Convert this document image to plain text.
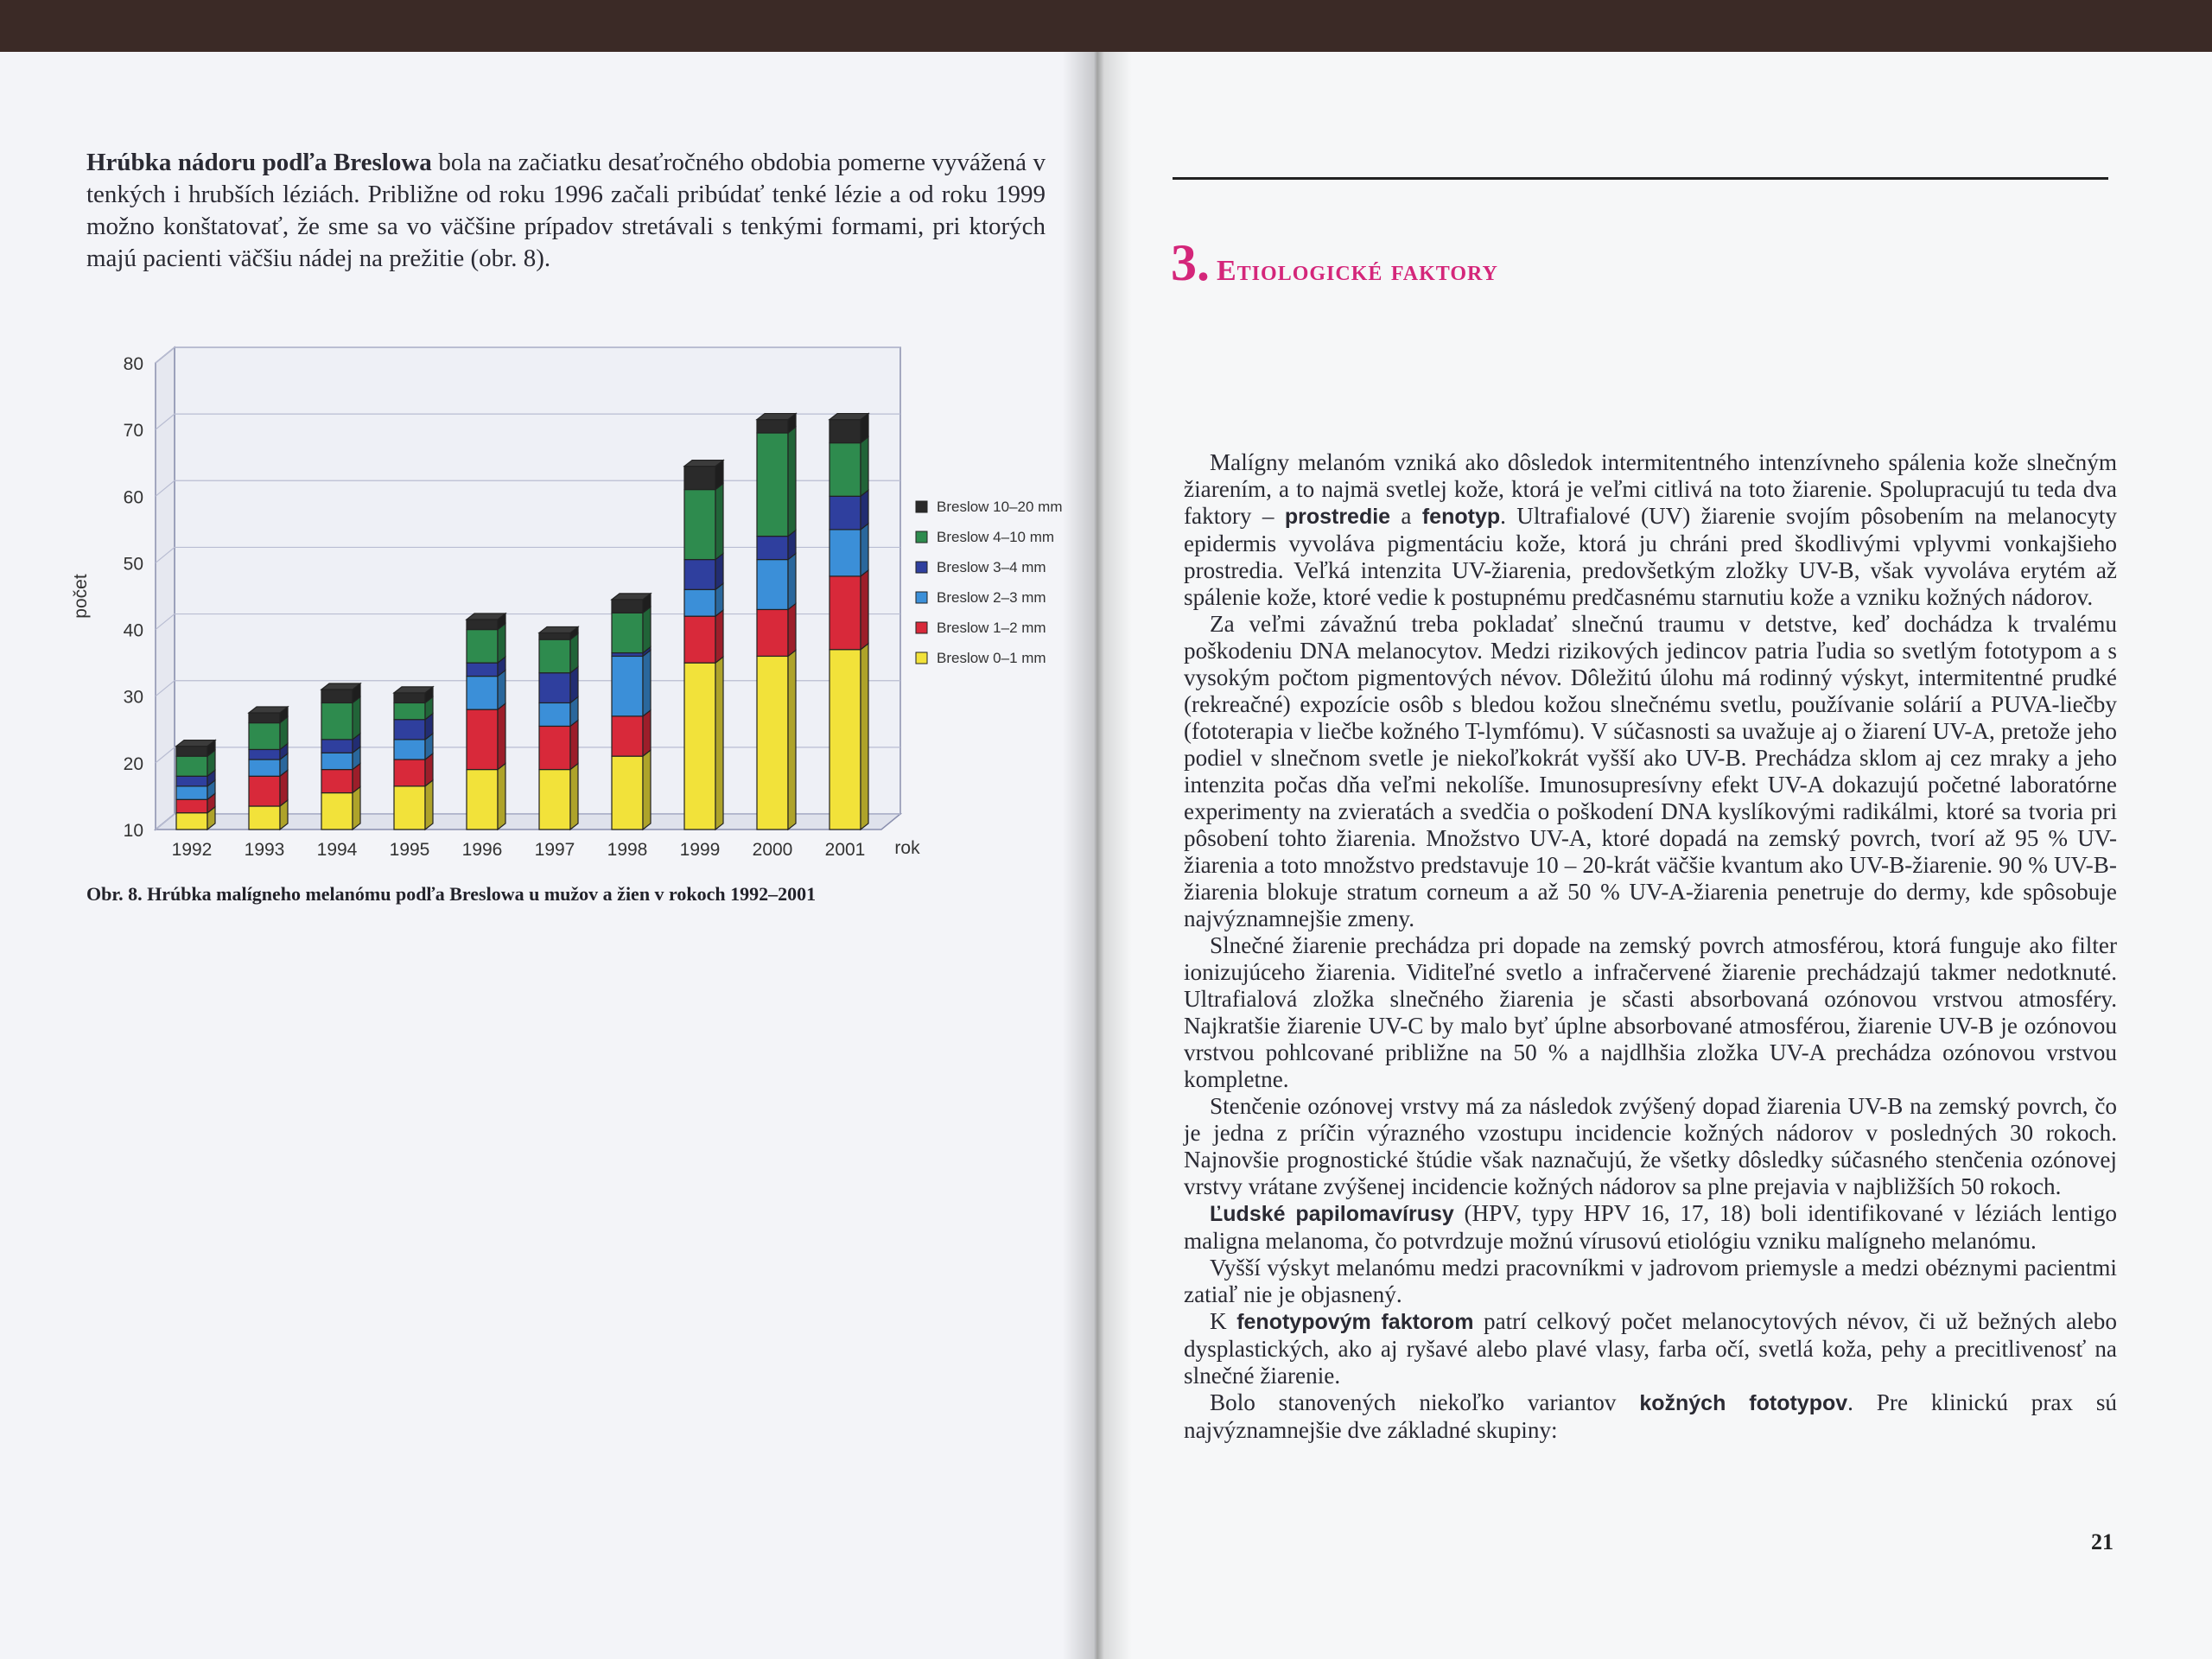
Hrúbka nádoru podľa Breslowa bola na začiatku desaťročného obdobia pomerne vyvážená v tenkých i hrubších léziách. Približne od roku 1996 začali pribúdať tenké lézie a od roku 1999 možno konštatovať, že sme sa vo väčšine prípadov stretávali s tenkými formami, pri ktorých majú pacienti väčšiu nádej na prežitie (obr. 8).
10
20
30
40
50
60
70
80
počet
1992 1993 1994 1995 1996 1997 1998 1999 2000 2001 rok
Breslow 10–20 mm
Breslow 4–10 mm
Breslow 3–4 mm
Breslow 2–3 mm
Breslow 1–2 mm
Breslow 0–1 mm
Obr. 8. Hrúbka malígneho melanómu podľa Breslowa u mužov a žien v rokoch 1992–2001
3. Etiologické faktory

Malígny melanóm vzniká ako dôsledok intermitentného intenzívneho spálenia kože slnečným žiarením, a to najmä svetlej kože, ktorá je veľmi citlivá na toto žiarenie. Spolupracujú tu teda dva faktory – prostredie a fenotyp. Ultrafialové (UV) žiarenie svojím pôsobením na melanocyty epidermis vyvoláva pigmentáciu kože, ktorá ju chráni pred škodlivými vplyvmi vonkajšieho prostredia. Veľká intenzita UV-žiarenia, predovšetkým zložky UV-B, však vyvoláva erytém až spálenie kože, ktoré vedie k postupnému predčasnému starnutiu kože a vzniku kožných nádorov.

Za veľmi závažnú treba pokladať slnečnú traumu v detstve, keď dochádza k trvalému poškodeniu DNA melanocytov. Medzi rizikových jedincov patria ľudia so svetlým fototypom a s vysokým počtom pigmentových névov. Dôležitú úlohu má rodinný výskyt, intermitentné prudké (rekreačné) expozície osôb s bledou kožou slnečnému svetlu, používanie solárií a PUVA-liečby (fototerapia v liečbe kožného T-lymfómu). V súčasnosti sa uvažuje aj o žiarení UV-A, pretože jeho podiel v slnečnom svetle je niekoľkokrát vyšší ako UV-B. Prechádza sklom aj cez mraky a jeho intenzita počas dňa veľmi nekolíše. Imunosupresívny efekt UV-A dokazujú početné laboratórne experimenty na zvieratách a svedčia o poškodení DNA kyslíkovými radikálmi, ktoré sa tvoria pri pôsobení tohto žiarenia. Množstvo UV-A, ktoré dopadá na zemský povrch, tvorí až 95 % UV-žiarenia a toto množstvo predstavuje 10 – 20-krát väčšie kvantum ako UV-B-žiarenie. 90 % UV-B-žiarenia blokuje stratum corneum a až 50 % UV-A-žiarenia penetruje do dermy, kde spôsobuje najvýznamnejšie zmeny.

Slnečné žiarenie prechádza pri dopade na zemský povrch atmosférou, ktorá funguje ako filter ionizujúceho žiarenia. Viditeľné svetlo a infračervené žiarenie prechádzajú takmer nedotknuté. Ultrafialová zložka slnečného žiarenia je sčasti absorbovaná ozónovou vrstvou atmosféry. Najkratšie žiarenie UV-C by malo byť úplne absorbované atmosférou, žiarenie UV-B je ozónovou vrstvou pohlcované približne na 50 % a najdlhšia zložka UV-A prechádza ozónovou vrstvou kompletne.

Stenčenie ozónovej vrstvy má za následok zvýšený dopad žiarenia UV-B na zemský povrch, čo je jedna z príčin výrazného vzostupu incidencie kožných nádorov v posledných 30 rokoch. Najnovšie prognostické štúdie však naznačujú, že všetky dôsledky súčasného stenčenia ozónovej vrstvy vrátane zvýšenej incidencie kožných nádorov sa plne prejavia v najbližších 50 rokoch.

Ľudské papilomavírusy (HPV, typy HPV 16, 17, 18) boli identifikované v léziách lentigo maligna melanoma, čo potvrdzuje možnú vírusovú etiológiu vzniku malígneho melanómu.

Vyšší výskyt melanómu medzi pracovníkmi v jadrovom priemysle a medzi obéznymi pacientmi zatiaľ nie je objasnený.

K fenotypovým faktorom patrí celkový počet melanocytových névov, či už bežných alebo dysplastických, ako aj ryšavé alebo plavé vlasy, farba očí, svetlá koža, pehy a precitlivenosť na slnečné žiarenie.

Bolo stanovených niekoľko variantov kožných fototypov. Pre klinickú prax sú najvýznamnejšie dve základné skupiny:

21
